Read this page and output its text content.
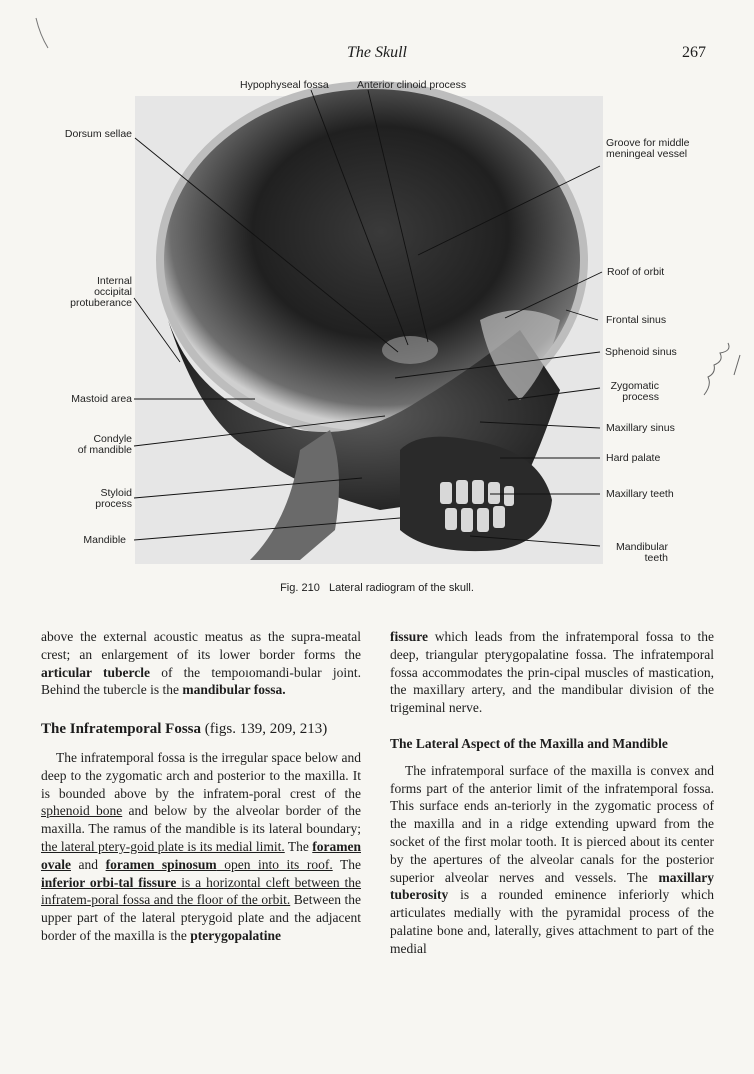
The Skull	267
Hypophyseal fossa	Anterior clinoid process
Dorsum sellae
Groove for middle
meningeal vessel
Internal
occipital
protuberance
Roof of orbit
Frontal sinus
Sphenoid sinus
Mastoid area
Zygomatic
process
Maxillary sinus
Condyle
of mandible
Hard palate
Styloid
process
Maxillary teeth
Mandible
Mandibular
teeth
Fig. 210 Lateral radiogram of the skull.

above the external acoustic meatus as the supra-meatal crest; an enlargement of its lower border forms the articular tubercle of the tempoıomandi-bular joint. Behind the tubercle is the mandibular fossa.

The Infratemporal Fossa (figs. 139, 209, 213)

The infratemporal fossa is the irregular space below and deep to the zygomatic arch and posterior to the maxilla. It is bounded above by the infratem-poral crest of the sphenoid bone and below by the alveolar border of the maxilla. The ramus of the mandible is its lateral boundary; the lateral ptery-goid plate is its medial limit. The foramen ovale and foramen spinosum open into its roof. The inferior orbi-tal fissure is a horizontal cleft between the infratem-poral fossa and the floor of the orbit. Between the upper part of the lateral pterygoid plate and the adjacent border of the maxilla is the pterygopalatine

fissure which leads from the infratemporal fossa to the deep, triangular pterygopalatine fossa. The infratemporal fossa accommodates the prin-cipal muscles of mastication, the maxillary artery, and the mandibular division of the trigeminal nerve.

The Lateral Aspect of the Maxilla and Mandible

The infratemporal surface of the maxilla is convex and forms part of the anterior limit of the infratemporal fossa. This surface ends an-teriorly in the zygomatic process of the maxilla and in a ridge extending upward from the socket of the first molar tooth. It is pierced about its center by the apertures of the alveolar canals for the posterior superior alveolar nerves and vessels. The maxillary tuberosity is a rounded eminence inferiorly which articulates medially with the pyramidal process of the palatine bone and, laterally, gives attachment to part of the medial
